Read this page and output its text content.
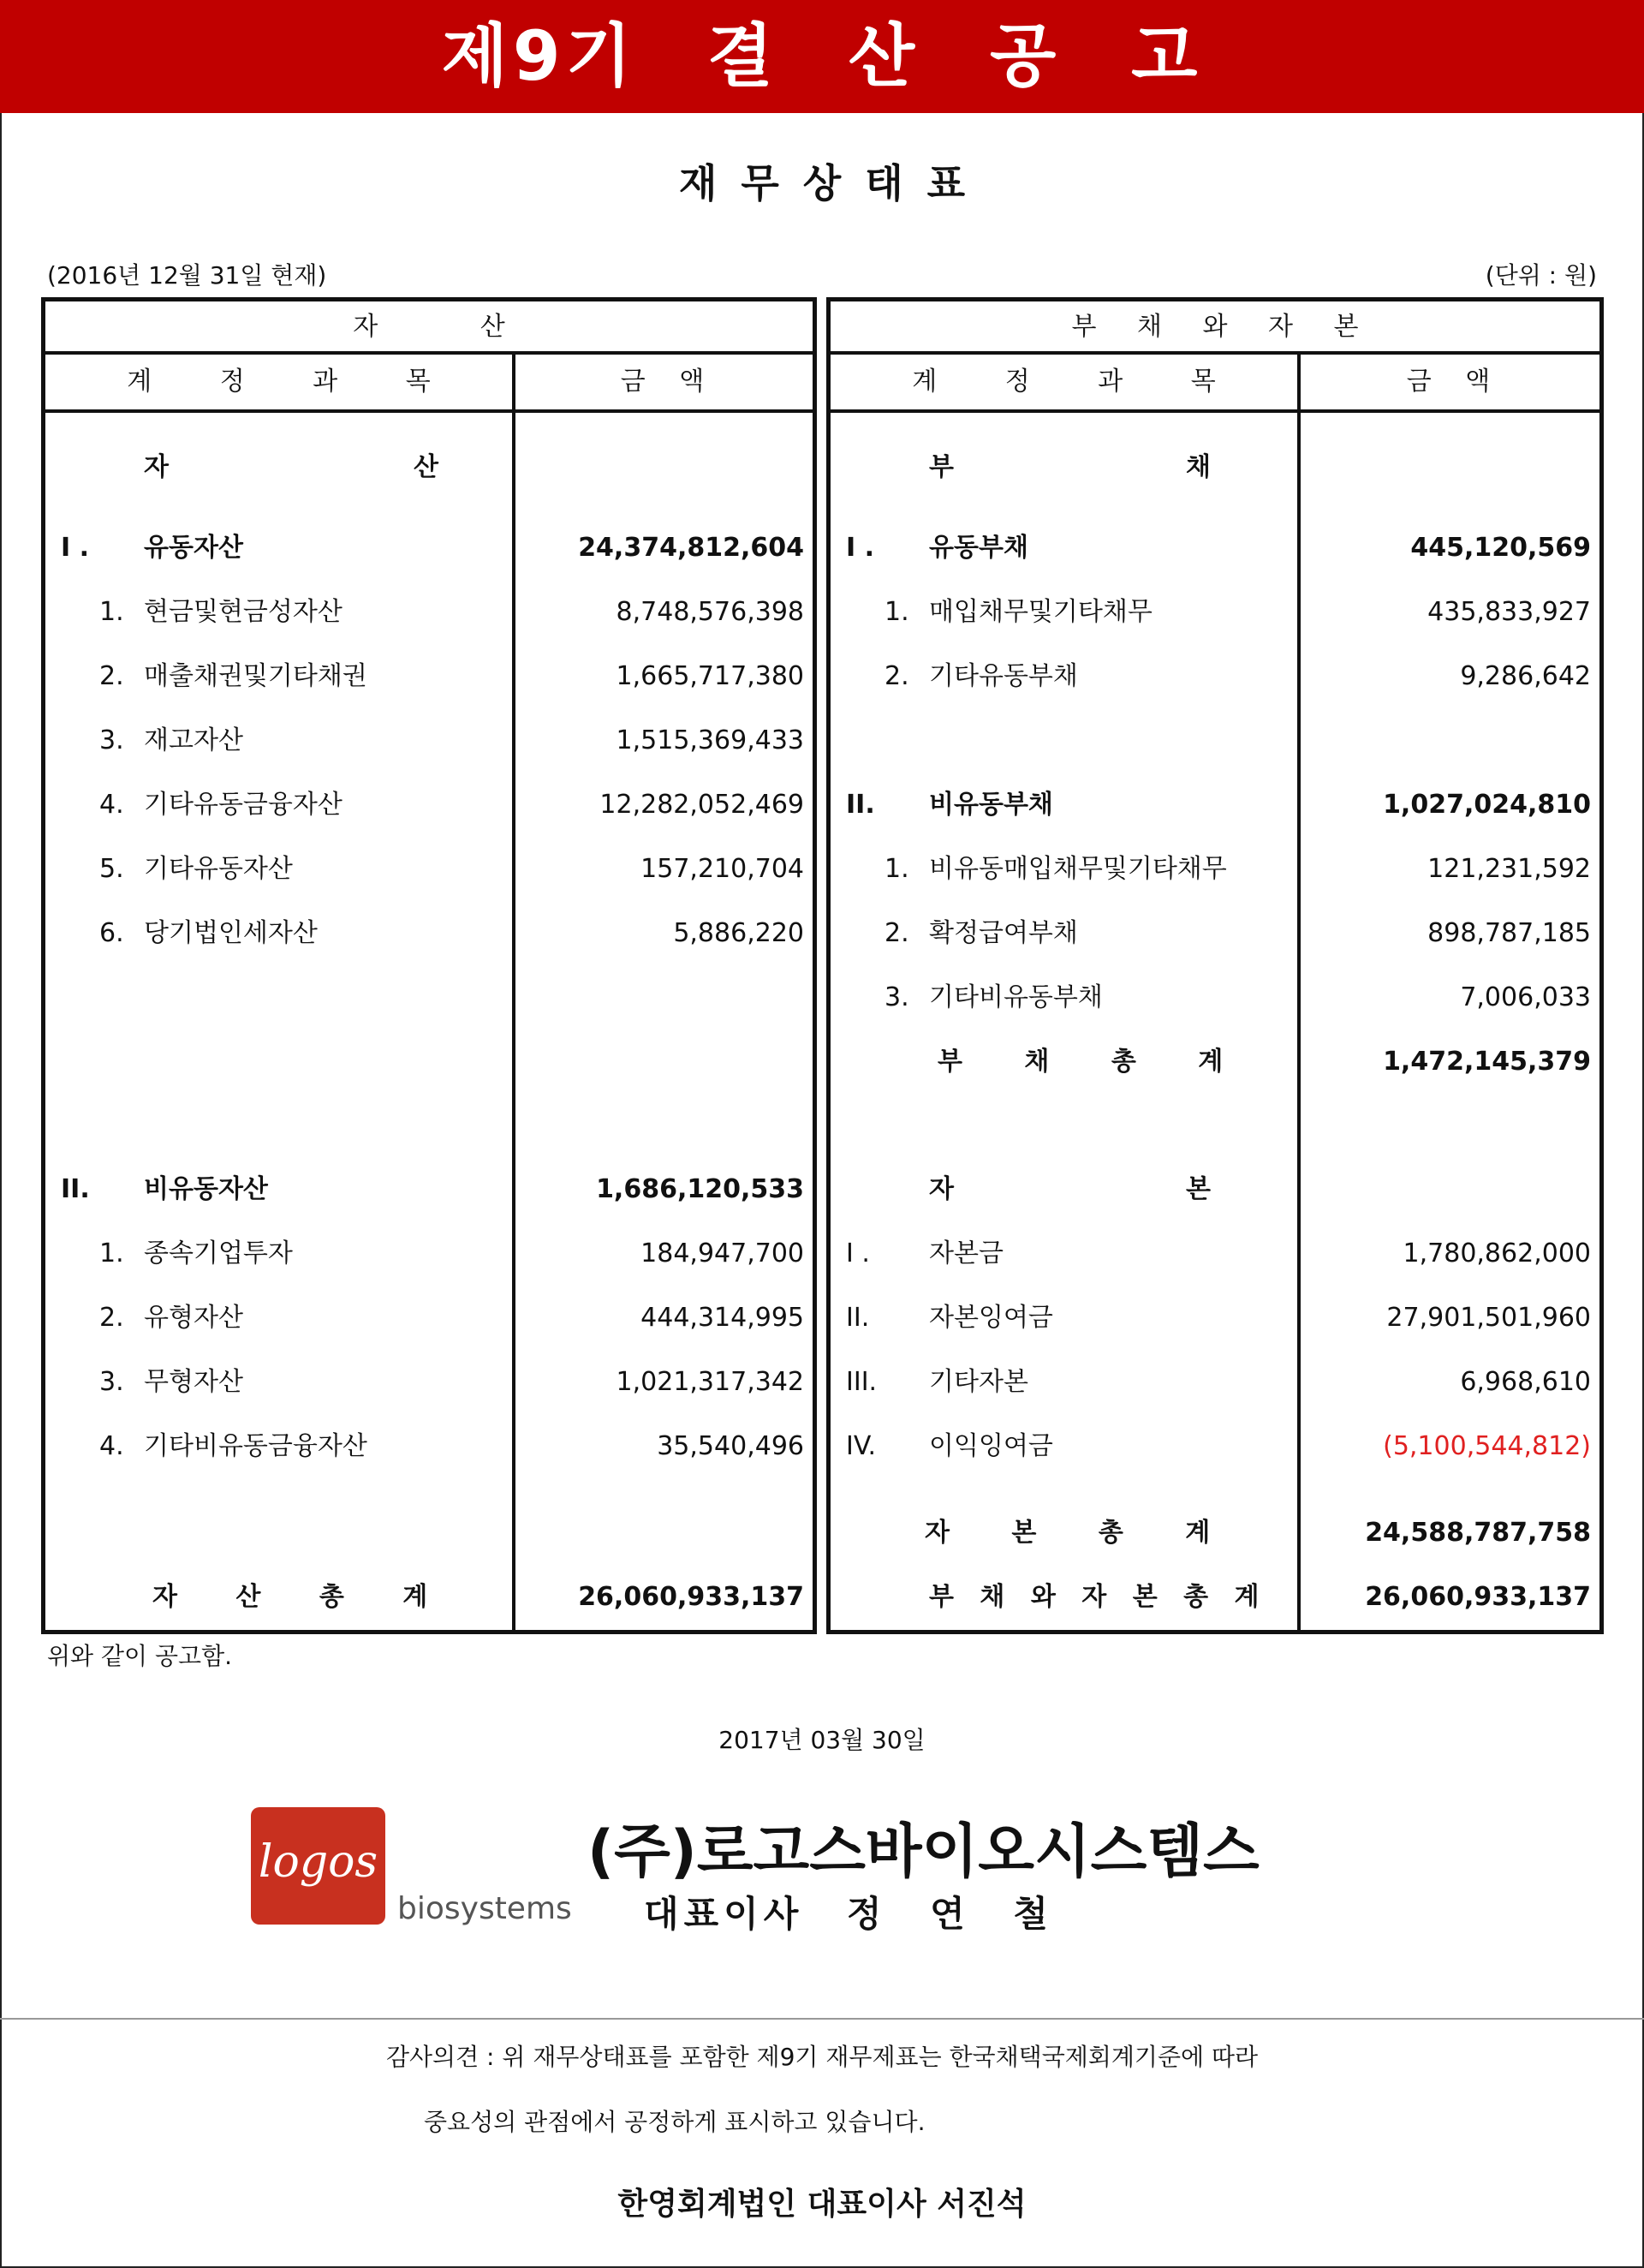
제9기 결 산 공 고
재무상태표
(2016년 12월 31일 현재)	(단위 : 원)
자 산
계 정 과 목	금 액
자	산
I .	유동자산	24,374,812,604
1. 현금및현금성자산	8,748,576,398
2. 매출채권및기타채권	1,665,717,380
3. 재고자산	1,515,369,433
4. 기타유동금융자산	12,282,052,469
5. 기타유동자산	157,210,704
6. 당기법인세자산	5,886,220
II.	비유동자산	1,686,120,533
1. 종속기업투자	184,947,700
2. 유형자산	444,314,995
3. 무형자산	1,021,317,342
4. 기타비유동금융자산	35,540,496
자 산 총 계	26,060,933,137
부 채 와 자 본
계 정 과 목	금 액
부	채
I .	유동부채	445,120,569
1. 매입채무및기타채무	435,833,927
2. 기타유동부채	9,286,642
II.	비유동부채	1,027,024,810
1. 비유동매입채무및기타채무	121,231,592
2. 확정급여부채	898,787,185
3. 기타비유동부채	7,006,033
부 채 총 계	1,472,145,379
자	본
I .	자본금	1,780,862,000
II.	자본잉여금	27,901,501,960
III.	기타자본	6,968,610
IV.	이익잉여금	(5,100,544,812)
자 본 총 계	24,588,787,758
부 채 와 자 본 총 계	26,060,933,137
위와 같이 공고함.
2017년 03월 30일
logos
biosystems
(주)로고스바이오시스템스
대표이사 정 연 철
감사의견 : 위 재무상태표를 포함한 제9기 재무제표는 한국채택국제회계기준에 따라
중요성의 관점에서 공정하게 표시하고 있습니다.
한영회계법인 대표이사 서진석
